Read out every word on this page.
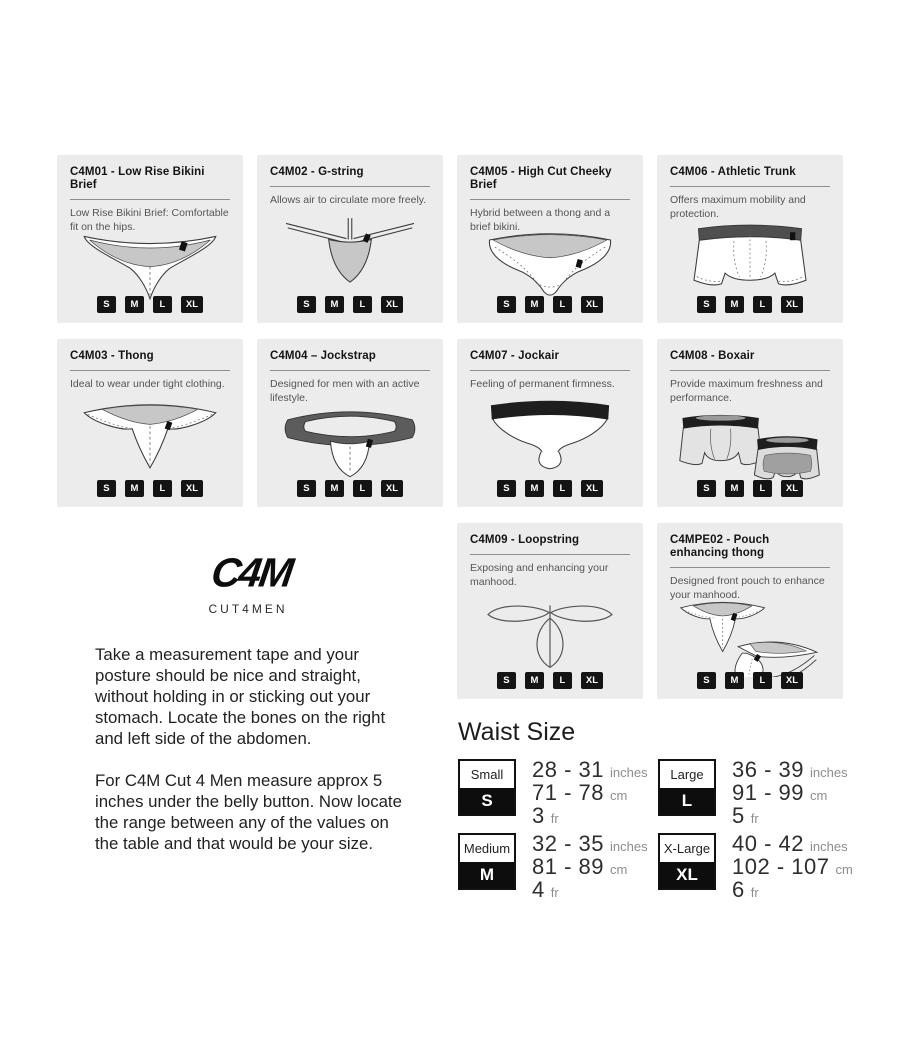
C4M01 - Low Rise Bikini Brief

Low Rise Bikini Brief: Comfortable fit on the hips.

S	M	L	XL
C4M02 - G-string

Allows air to circulate more freely.

S	M	L	XL
C4M05 - High Cut Cheeky Brief

Hybrid between a thong and a brief bikini.

S	M	L	XL
C4M06 - Athletic Trunk

Offers maximum mobility and protection.

S	M	L	XL
C4M03 - Thong

Ideal to wear under tight clothing.

S	M	L	XL
C4M04 – Jockstrap

Designed for men with an active lifestyle.

S	M	L	XL
C4M07 - Jockair

Feeling of permanent firmness.

S	M	L	XL
C4M08 - Boxair

Provide maximum freshness and performance.

S	M	L	XL
C4M09 - Loopstring

Exposing and enhancing your manhood.

S	M	L	XL
C4MPE02 - Pouch enhancing thong

Designed front pouch to enhance your manhood.

S	M	L	XL
C4M
CUT4MEN

Take a measurement tape and your posture should be nice and straight, without holding in or sticking out your stomach. Locate the bones on the right and left side of the abdomen.

For C4M Cut 4 Men measure approx 5 inches under the belly button. Now locate the range between any of the values on the table and that would be your size.

Waist Size
Small
S
28 - 31 inches
71 - 78 cm
3 fr
Large
L
36 - 39 inches
91 - 99 cm
5 fr
Medium
M
32 - 35 inches
81 - 89 cm
4 fr
X-Large
XL
40 - 42 inches
102 - 107 cm
6 fr
